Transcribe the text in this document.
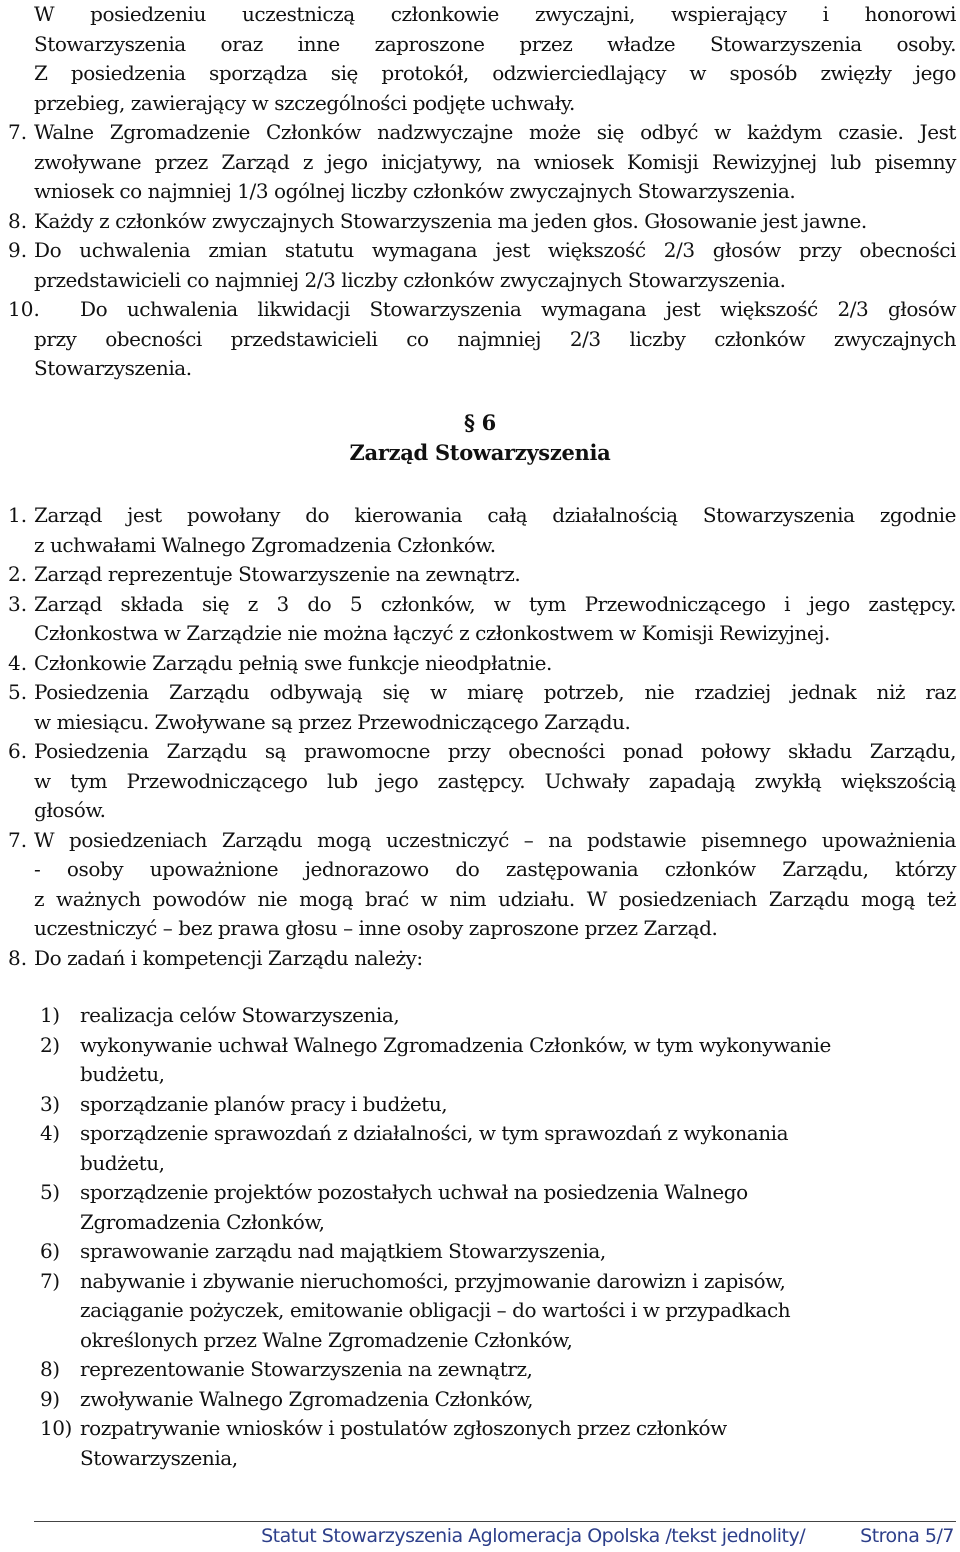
W posiedzeniu uczestniczą członkowie zwyczajni, wspierający i honorowi
Stowarzyszenia oraz inne zaproszone przez władze Stowarzyszenia osoby.
Z posiedzenia sporządza się protokół, odzwierciedlający w sposób zwięzły jego
przebieg, zawierający w szczególności podjęte uchwały.
7. Walne Zgromadzenie Członków nadzwyczajne może się odbyć w każdym czasie. Jest
zwoływane przez Zarząd z jego inicjatywy, na wniosek Komisji Rewizyjnej lub pisemny
wniosek co najmniej 1/3 ogólnej liczby członków zwyczajnych Stowarzyszenia.
8. Każdy z członków zwyczajnych Stowarzyszenia ma jeden głos. Głosowanie jest jawne.
9. Do uchwalenia zmian statutu wymagana jest większość 2/3 głosów przy obecności
przedstawicieli co najmniej 2/3 liczby członków zwyczajnych Stowarzyszenia.
10.	Do uchwalenia likwidacji Stowarzyszenia wymagana jest większość 2/3 głosów
przy obecności przedstawicieli co najmniej 2/3 liczby członków zwyczajnych
Stowarzyszenia.
§ 6
Zarząd Stowarzyszenia
1. Zarząd jest powołany do kierowania całą działalnością Stowarzyszenia zgodnie
z uchwałami Walnego Zgromadzenia Członków.
2. Zarząd reprezentuje Stowarzyszenie na zewnątrz.
3. Zarząd składa się z 3 do 5 członków, w tym Przewodniczącego i jego zastępcy.
Członkostwa w Zarządzie nie można łączyć z członkostwem w Komisji Rewizyjnej.
4. Członkowie Zarządu pełnią swe funkcje nieodpłatnie.
5. Posiedzenia Zarządu odbywają się w miarę potrzeb, nie rzadziej jednak niż raz
w miesiącu. Zwoływane są przez Przewodniczącego Zarządu.
6. Posiedzenia Zarządu są prawomocne przy obecności ponad połowy składu Zarządu,
w tym Przewodniczącego lub jego zastępcy. Uchwały zapadają zwykłą większością
głosów.
7. W posiedzeniach Zarządu mogą uczestniczyć – na podstawie pisemnego upoważnienia
- osoby upoważnione jednorazowo do zastępowania członków Zarządu, którzy
z ważnych powodów nie mogą brać w nim udziału. W posiedzeniach Zarządu mogą też
uczestniczyć – bez prawa głosu – inne osoby zaproszone przez Zarząd.
8. Do zadań i kompetencji Zarządu należy:
1) realizacja celów Stowarzyszenia,
2) wykonywanie uchwał Walnego Zgromadzenia Członków, w tym wykonywanie
budżetu,
3) sporządzanie planów pracy i budżetu,
4) sporządzenie sprawozdań z działalności, w tym sprawozdań z wykonania
budżetu,
5) sporządzenie projektów pozostałych uchwał na posiedzenia Walnego
Zgromadzenia Członków,
6) sprawowanie zarządu nad majątkiem Stowarzyszenia,
7) nabywanie i zbywanie nieruchomości, przyjmowanie darowizn i zapisów,
zaciąganie pożyczek, emitowanie obligacji – do wartości i w przypadkach
określonych przez Walne Zgromadzenie Członków,
8) reprezentowanie Stowarzyszenia na zewnątrz,
9) zwoływanie Walnego Zgromadzenia Członków,
10) rozpatrywanie wniosków i postulatów zgłoszonych przez członków
Stowarzyszenia,
Statut Stowarzyszenia Aglomeracja Opolska /tekst jednolity/	Strona 5/7
